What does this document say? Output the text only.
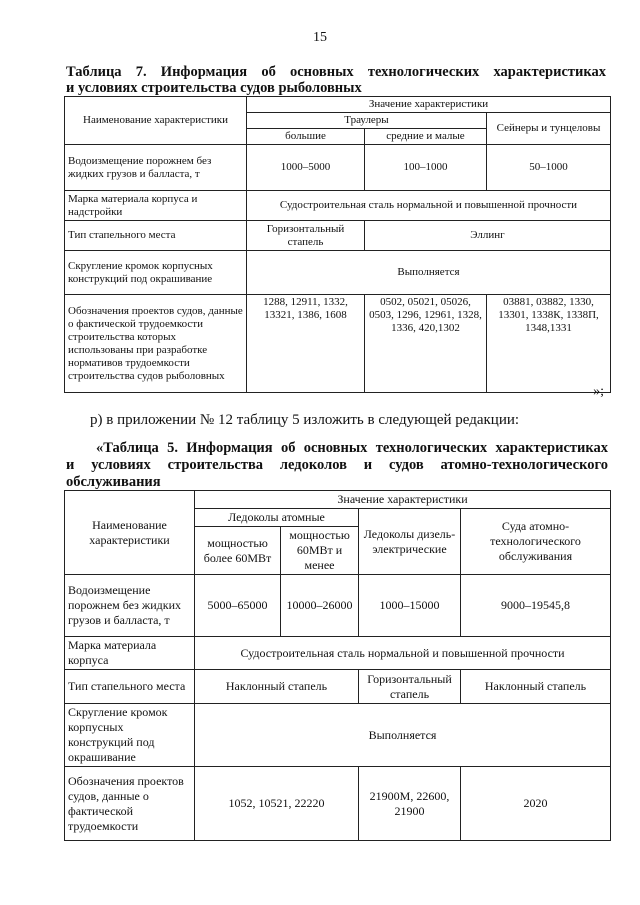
15

Таблица 7. Информация об основных технологических характеристиках
и условиях строительства судов рыболовных

Наименование характеристики	Значение характеристики		
	Траулеры		Сейнеры и тунцеловы
	большие	средние и малые	
Водоизмещение порожнем без жидких грузов и балласта, т	1000–5000	100–1000	50–1000
Марка материала корпуса и надстройки	Судостроительная сталь нормальной и повышенной прочности		
Тип стапельного места	Горизонтальный стапель	Эллинг	
Скругление кромок корпусных конструкций под окрашивание	Выполняется		
Обозначения проектов судов, данные о фактической трудоемкости строительства которых использованы при разработке нормативов трудоемкости строительства судов рыболовных	1288, 12911, 1332, 13321, 1386, 1608	0502, 05021, 05026, 0503, 1296, 12961, 1328, 1336, 420,1302	03881, 03882, 1330, 13301, 1338К, 1338П, 1348,1331
»;
р) в приложении № 12 таблицу 5 изложить в следующей редакции:

«Таблица 5. Информация об основных технологических характеристиках
и условиях строительства ледоколов и судов атомно-технологического
обслуживания

Наименование характеристики	Значение характеристики			
	Ледоколы атомные		Ледоколы дизель-электрические	Суда атомно-технологического обслуживания
	мощностью более 60МВт	мощностью 60МВт и менее		
Водоизмещение порожнем без жидких грузов и балласта, т	5000–65000	10000–26000	1000–15000	9000–19545,8
Марка материала корпуса	Судостроительная сталь нормальной и повышенной прочности			
Тип стапельного места	Наклонный стапель		Горизонтальный стапель	Наклонный стапель
Скругление кромок корпусных конструкций под окрашивание	Выполняется			
Обозначения проектов судов, данные о фактической трудоемкости	1052, 10521, 22220		21900М, 22600, 21900	2020
